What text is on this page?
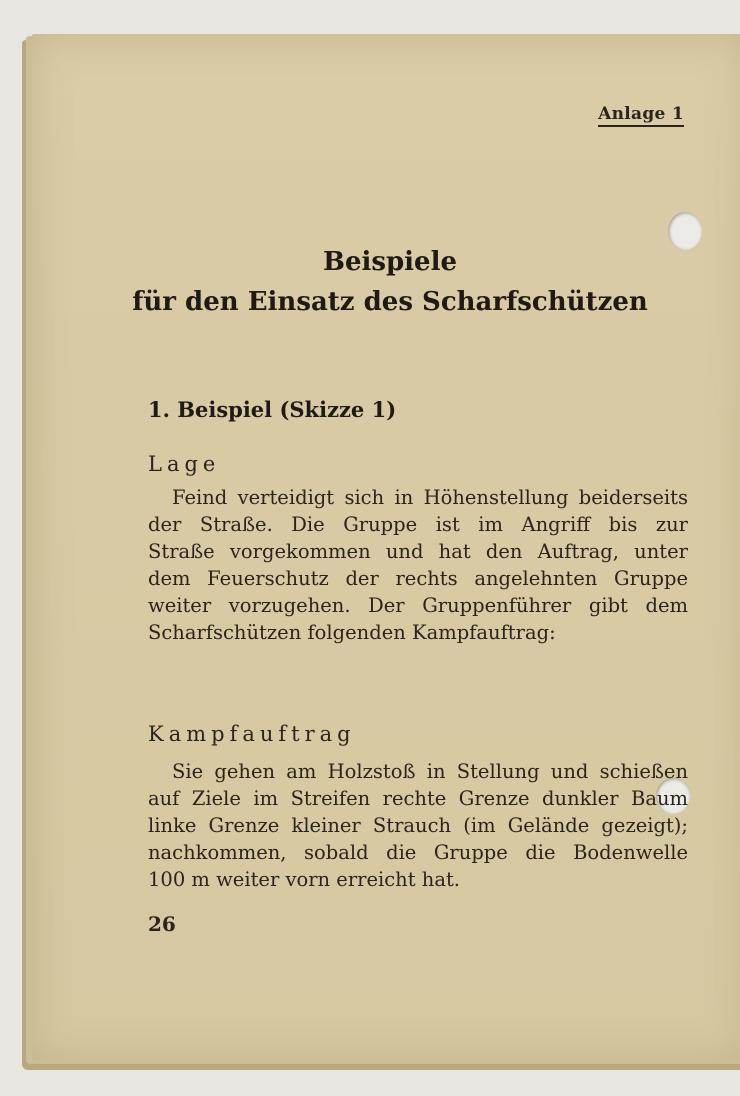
Anlage 1
Beispiele
für den Einsatz des Scharfschützen
1. Beispiel (Skizze 1)
Lage
Feind verteidigt sich in Höhenstellung beiderseits
der Straße. Die Gruppe ist im Angriff bis zur
Straße vorgekommen und hat den Auftrag, unter
dem Feuerschutz der rechts angelehnten Gruppe
weiter vorzugehen. Der Gruppenführer gibt dem
Scharfschützen folgenden Kampfauftrag:
Kampfauftrag
Sie gehen am Holzstoß in Stellung und schießen
auf Ziele im Streifen rechte Grenze dunkler Baum
linke Grenze kleiner Strauch (im Gelände gezeigt);
nachkommen, sobald die Gruppe die Bodenwelle
100 m weiter vorn erreicht hat.
26
